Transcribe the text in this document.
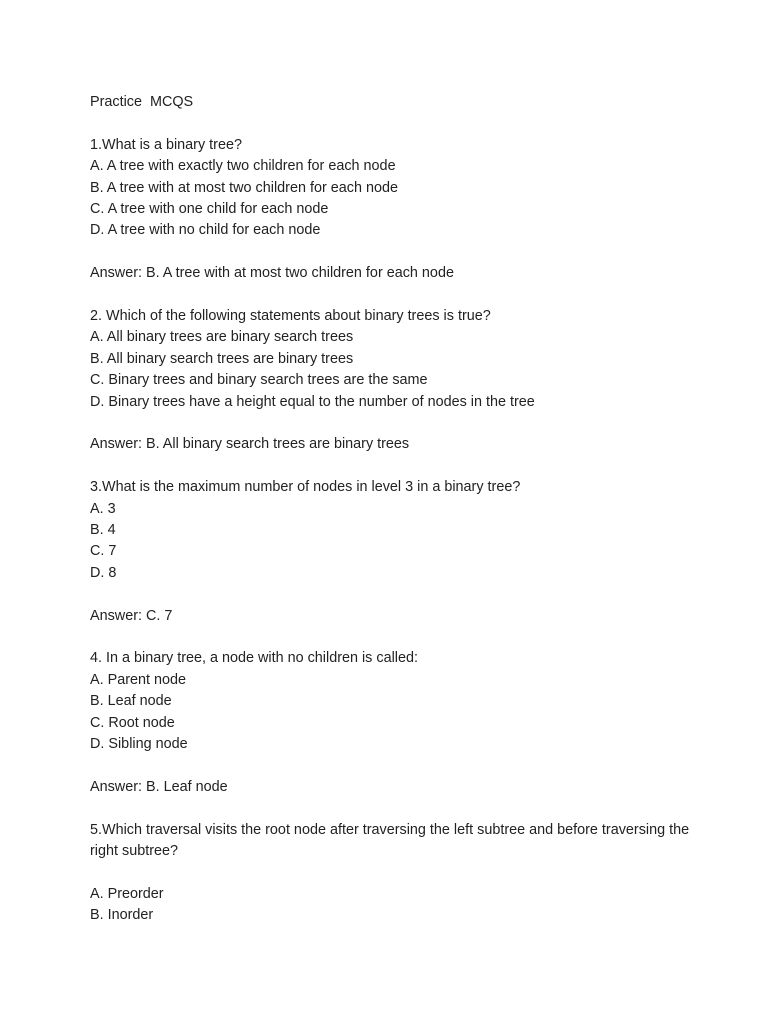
Practice  MCQS
1.What is a binary tree?
A. A tree with exactly two children for each node
B. A tree with at most two children for each node
C. A tree with one child for each node
D. A tree with no child for each node
Answer: B. A tree with at most two children for each node
2. Which of the following statements about binary trees is true?
A. All binary trees are binary search trees
B. All binary search trees are binary trees
C. Binary trees and binary search trees are the same
D. Binary trees have a height equal to the number of nodes in the tree
Answer: B. All binary search trees are binary trees
3.What is the maximum number of nodes in level 3 in a binary tree?
A. 3
B. 4
C. 7
D. 8
Answer: C. 7
4. In a binary tree, a node with no children is called:
A. Parent node
B. Leaf node
C. Root node
D. Sibling node
Answer: B. Leaf node
5.Which traversal visits the root node after traversing the left subtree and before traversing the right subtree?
A. Preorder
B. Inorder
